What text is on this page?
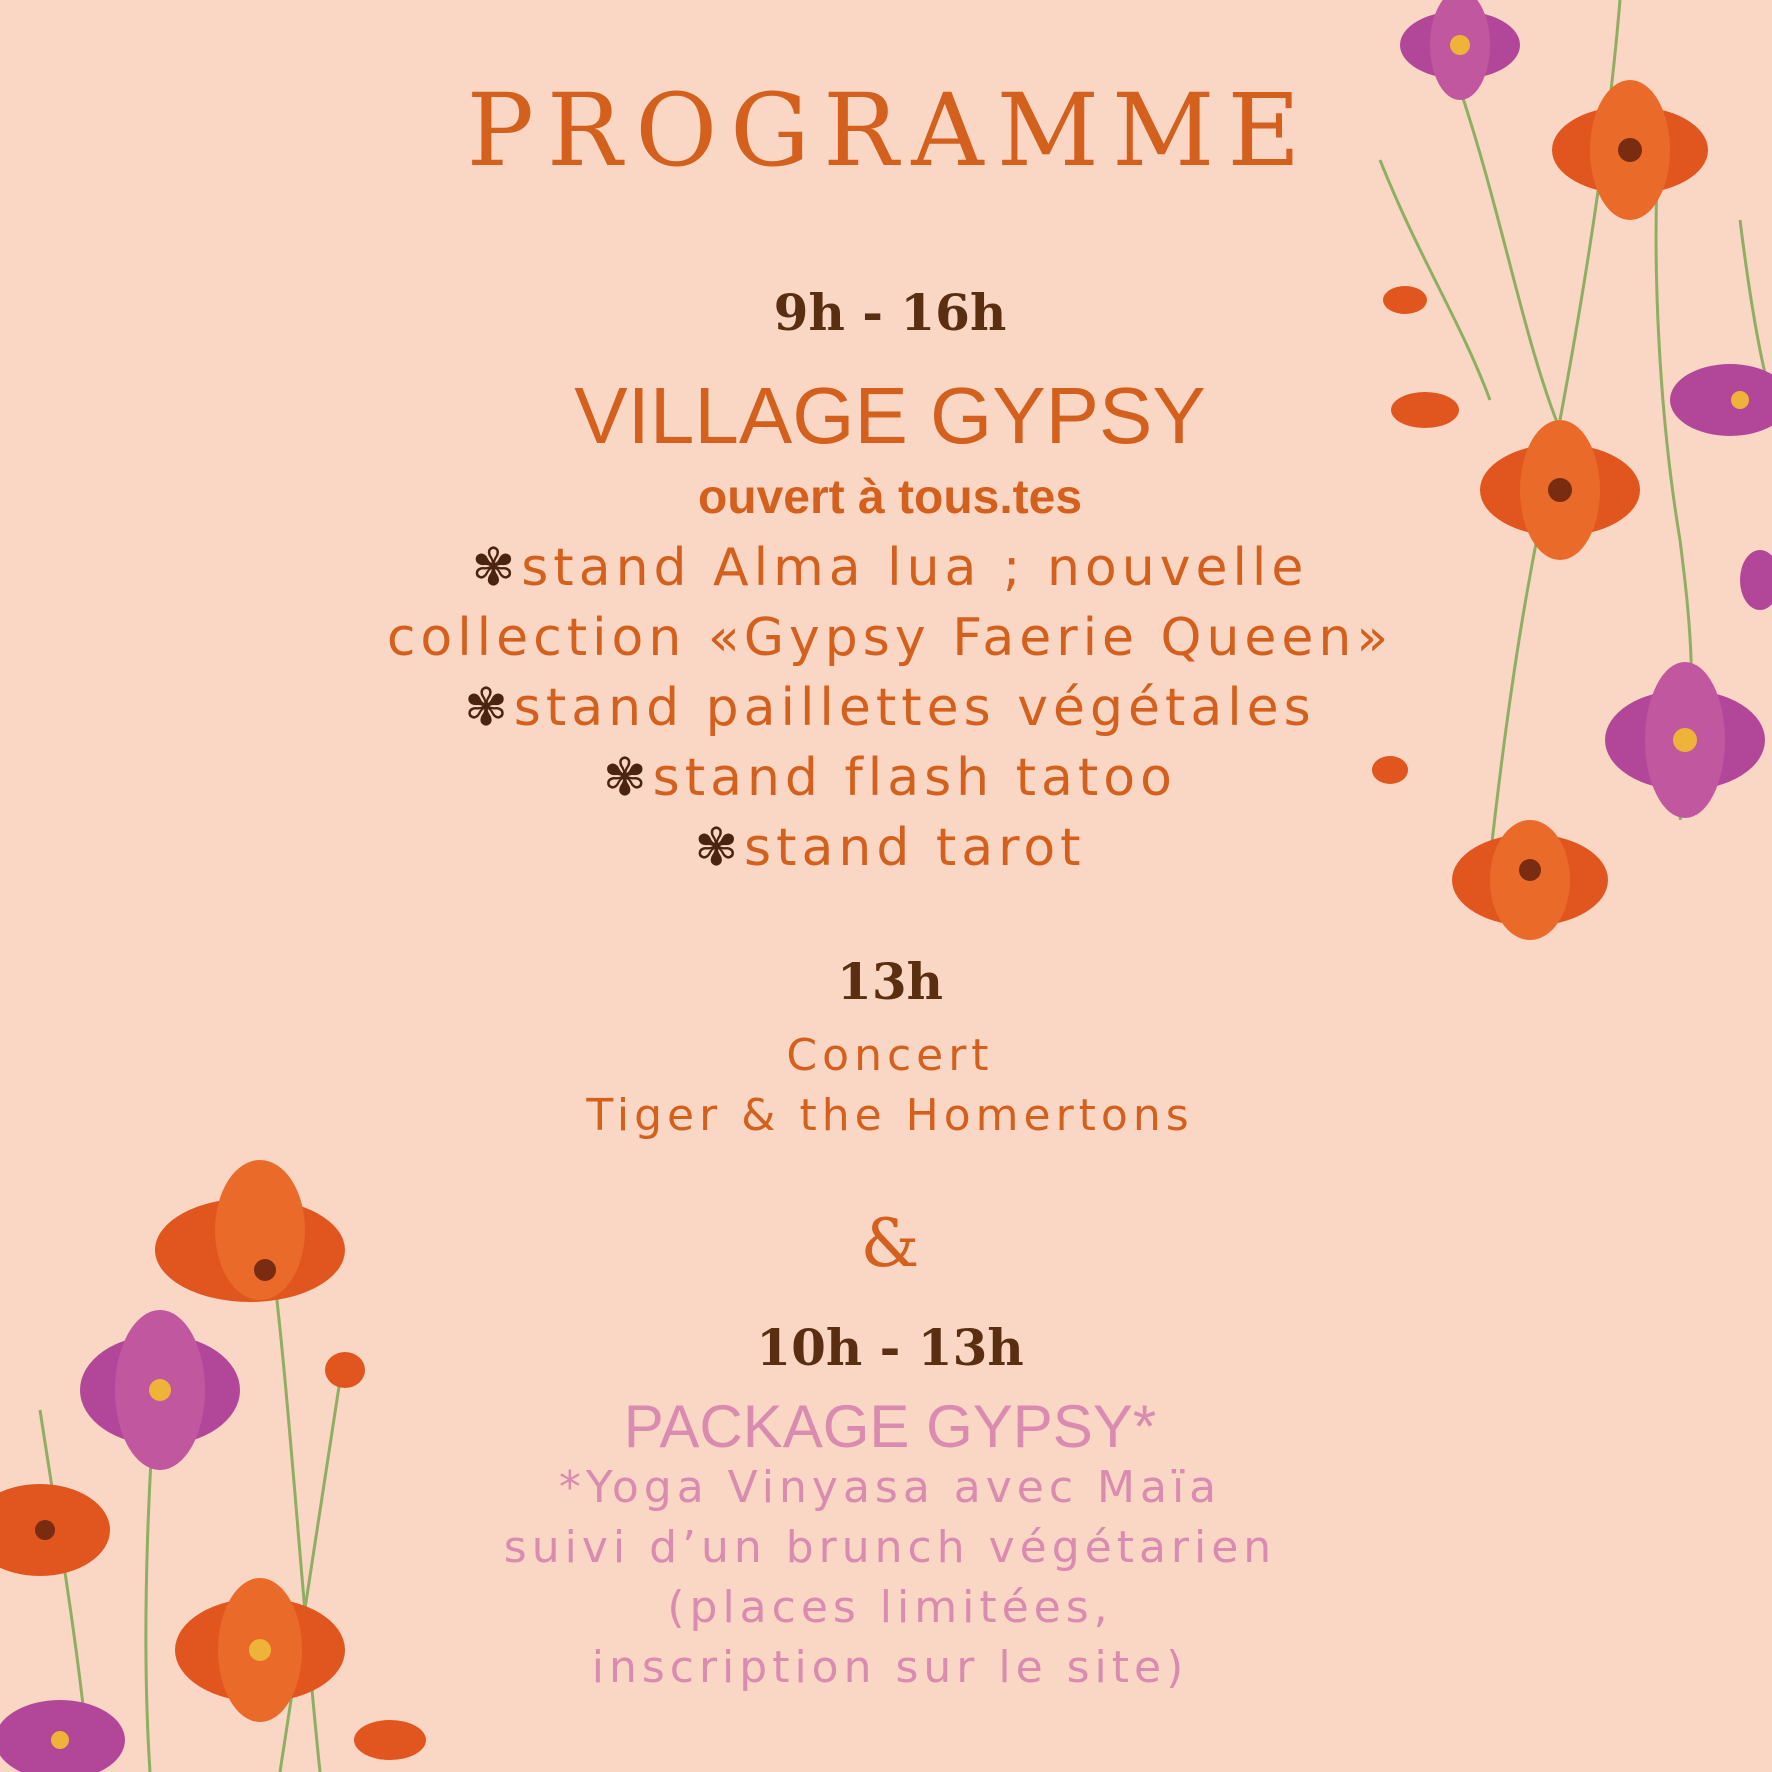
PROGRAMME
9h - 16h
VILLAGE GYPSY
ouvert à tous.tes
✾ stand Alma lua ; nouvelle
collection «Gypsy Faerie Queen»
✾ stand paillettes végétales
✾ stand flash tatoo
✾ stand tarot
13h
Concert
Tiger & the Homertons
&
10h - 13h
PACKAGE GYPSY*
*Yoga Vinyasa avec Maïa
suivi d’un brunch végétarien
(places limitées,
inscription sur le site)
